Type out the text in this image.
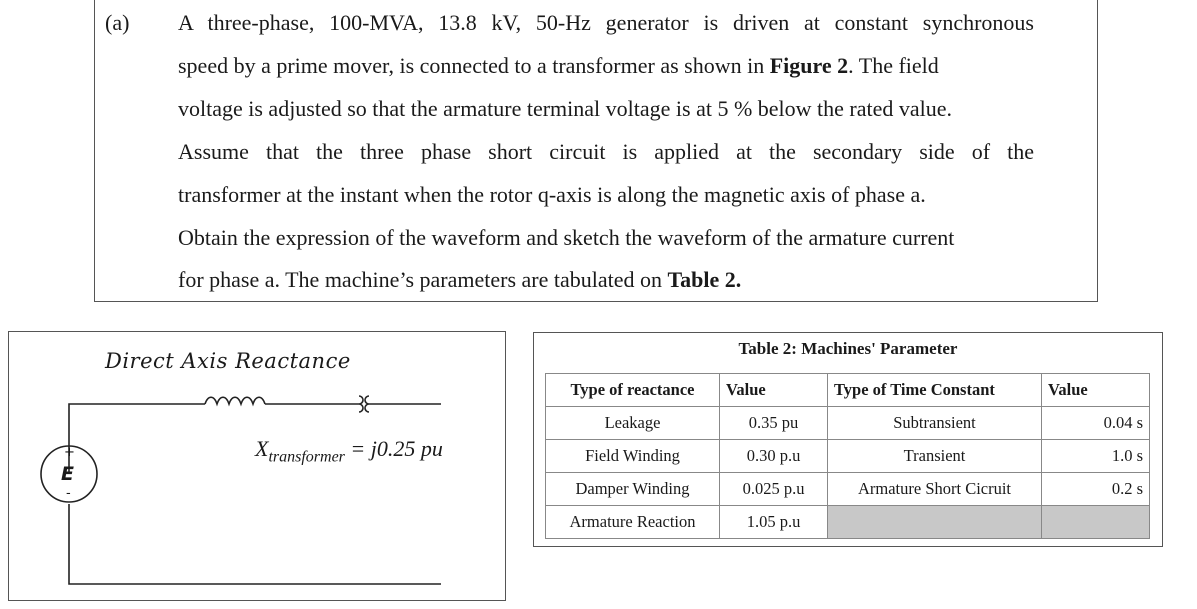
(a) A three-phase, 100-MVA, 13.8 kV, 50-Hz generator is driven at constant synchronous
speed by a prime mover, is connected to a transformer as shown in Figure 2. The field
voltage is adjusted so that the armature terminal voltage is at 5 % below the rated value.
Assume that the three phase short circuit is applied at the secondary side of the
transformer at the instant when the rotor q-axis is along the magnetic axis of phase a.
Obtain the expression of the waveform and sketch the waveform of the armature current
for phase a. The machine’s parameters are tabulated on Table 2.
Direct Axis Reactance
$X_{transformer} = j0.25$ pu
E
+
-
Table 2: Machines' Parameter
Type of reactance	Value	Type of Time Constant	Value
Leakage	0.35 pu	Subtransient	0.04 s
Field Winding	0.30 p.u	Transient	1.0 s
Damper Winding	0.025 p.u	Armature Short Cicruit	0.2 s
Armature Reaction	1.05 p.u		
